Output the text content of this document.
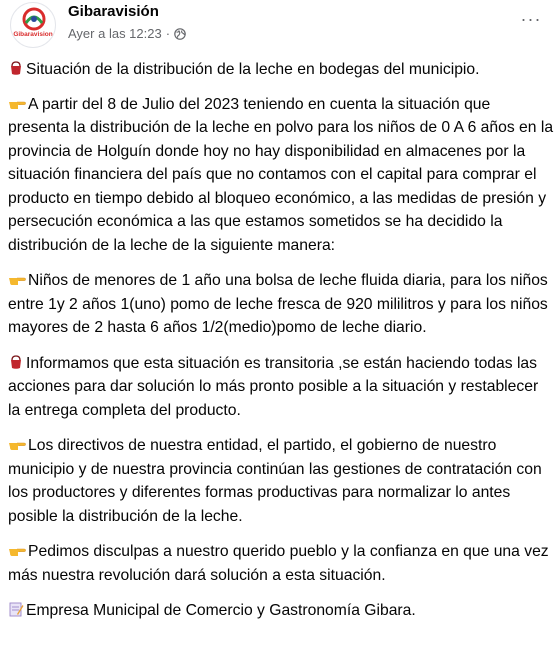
Gibaravision
Gibaravisión
Ayer a las 12:23 ·
···

Situación de la distribución de la leche en bodegas del municipio.

A partir del 8 de Julio del 2023 teniendo en cuenta la situación que presenta la distribución de la leche en polvo para los niños de 0 A 6 años en la provincia de Holguín donde hoy no hay disponibilidad en almacenes por la situación financiera del país que no contamos con el capital para comprar el producto en tiempo debido al bloqueo económico, a las medidas de presión y persecución económica a las que estamos sometidos se ha decidido la distribución de la leche de la siguiente manera:

Niños de menores de 1 año una bolsa de leche fluida diaria, para los niños entre 1y 2 años 1(uno) pomo de leche fresca de 920 mililitros y para los niños mayores de 2 hasta 6 años 1/2(medio)pomo de leche diario.

Informamos que esta situación es transitoria ,se están haciendo todas las acciones para dar solución lo más pronto posible a la situación y restablecer la entrega completa del producto.

Los directivos de nuestra entidad, el partido, el gobierno de nuestro municipio y de nuestra provincia continúan las gestiones de contratación con los productores y diferentes formas productivas para normalizar lo antes posible la distribución de la leche.

Pedimos disculpas a nuestro querido pueblo y la confianza en que una vez más nuestra revolución dará solución a esta situación.

Empresa Municipal de Comercio y Gastronomía Gibara.
